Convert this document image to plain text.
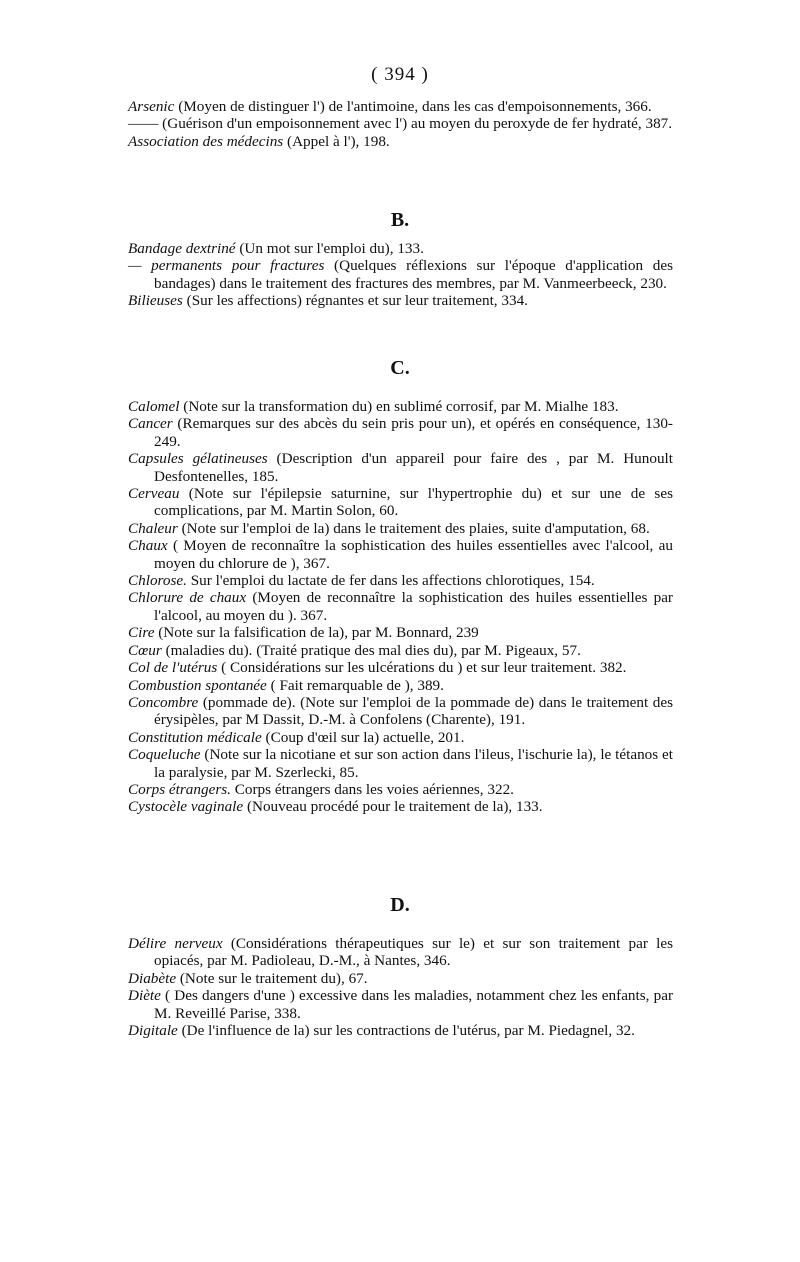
( 394 )

Arsenic (Moyen de distinguer l') de l'antimoine, dans les cas d'empoisonnements, 366.

—— (Guérison d'un empoisonnement avec l') au moyen du peroxyde de fer hydraté, 387.

Association des médecins (Appel à l'), 198.

B.

Bandage dextriné (Un mot sur l'emploi du), 133.

— permanents pour fractures (Quelques réflexions sur l'époque d'application des bandages) dans le traitement des fractures des membres, par M. Vanmeerbeeck, 230.

Bilieuses (Sur les affections) régnantes et sur leur traitement, 334.

C.

Calomel (Note sur la transformation du) en sublimé corrosif, par M. Mialhe 183.

Cancer (Remarques sur des abcès du sein pris pour un), et opérés en conséquence, 130-249.

Capsules gélatineuses (Description d'un appareil pour faire des , par M. Hunoult Desfontenelles, 185.

Cerveau (Note sur l'épilepsie saturnine, sur l'hypertrophie du) et sur une de ses complications, par M. Martin Solon, 60.

Chaleur (Note sur l'emploi de la) dans le traitement des plaies, suite d'amputation, 68.

Chaux ( Moyen de reconnaître la sophistication des huiles essentielles avec l'alcool, au moyen du chlorure de ), 367.

Chlorose. Sur l'emploi du lactate de fer dans les affections chlorotiques, 154.

Chlorure de chaux (Moyen de reconnaître la sophistication des huiles essentielles par l'alcool, au moyen du ). 367.

Cire (Note sur la falsification de la), par M. Bonnard, 239

Cœur (maladies du). (Traité pratique des mal dies du), par M. Pigeaux, 57.

Col de l'utérus ( Considérations sur les ulcérations du ) et sur leur traitement. 382.

Combustion spontanée ( Fait remarquable de ), 389.

Concombre (pommade de). (Note sur l'emploi de la pommade de) dans le traitement des érysipèles, par M Dassit, D.-M. à Confolens (Charente), 191.

Constitution médicale (Coup d'œil sur la) actuelle, 201.

Coqueluche (Note sur la nicotiane et sur son action dans l'ileus, l'ischurie la), le tétanos et la paralysie, par M. Szerlecki, 85.

Corps étrangers. Corps étrangers dans les voies aériennes, 322.

Cystocèle vaginale (Nouveau procédé pour le traitement de la), 133.

D.

Délire nerveux (Considérations thérapeutiques sur le) et sur son traitement par les opiacés, par M. Padioleau, D.-M., à Nantes, 346.

Diabète (Note sur le traitement du), 67.

Diète ( Des dangers d'une ) excessive dans les maladies, notamment chez les enfants, par M. Reveillé Parise, 338.

Digitale (De l'influence de la) sur les contractions de l'utérus, par M. Piedagnel, 32.
